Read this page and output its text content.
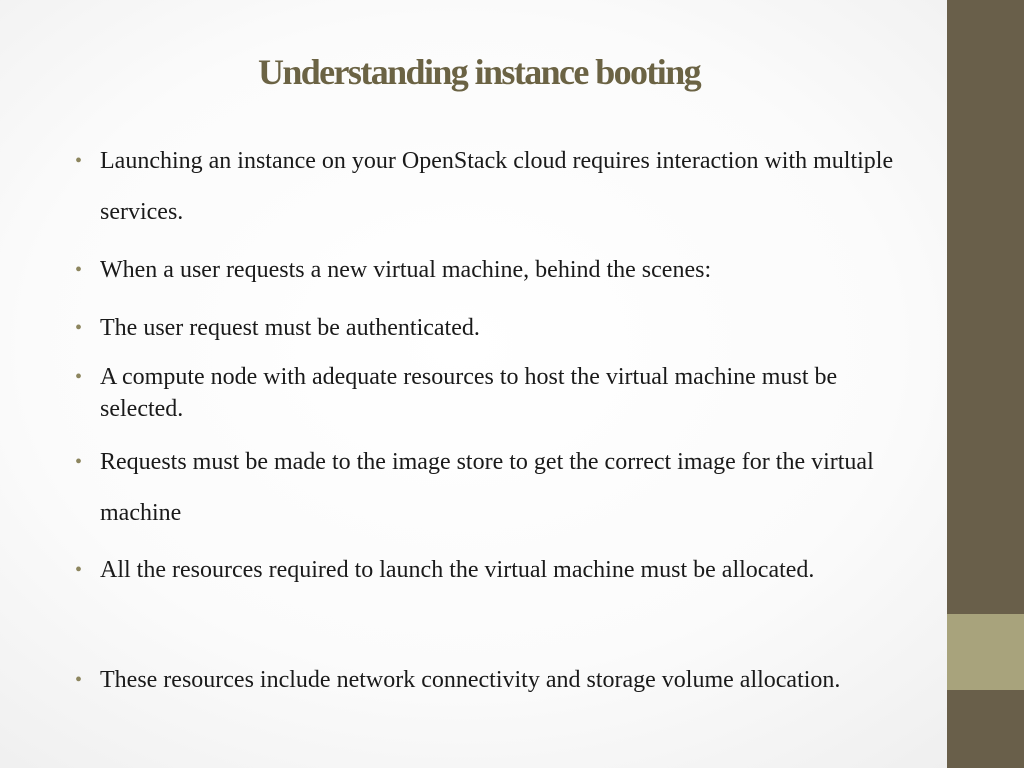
Understanding instance booting
• Launching an instance on your OpenStack cloud requires interaction with multiple services.
• When a user requests a new virtual machine, behind the scenes:
• The user request must be authenticated.
• A compute node with adequate resources to host the virtual machine must be selected.
• Requests must be made to the image store to get the correct image for the virtual machine
• All the resources required to launch the virtual machine must be allocated.
• These resources include network connectivity and storage volume allocation.
